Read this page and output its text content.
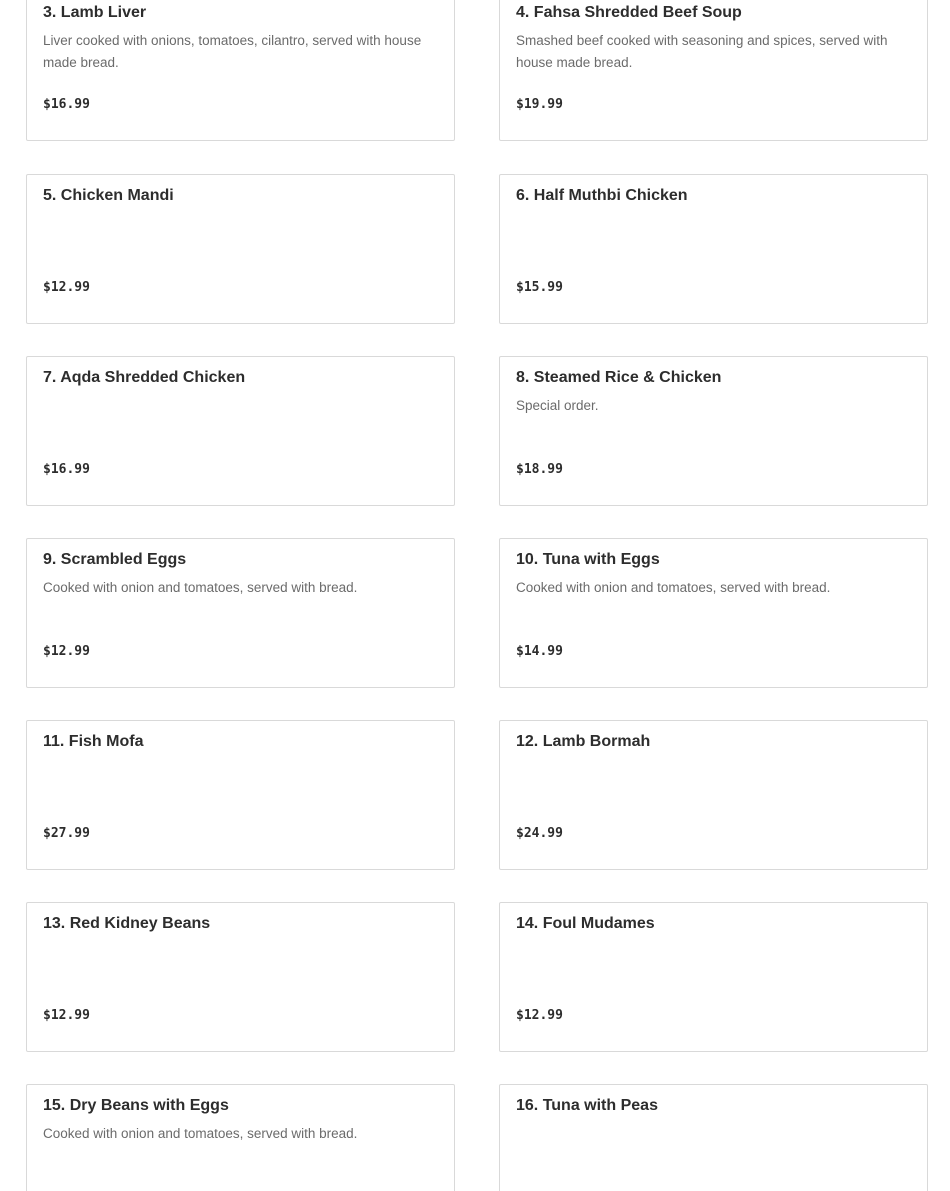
3. Lamb Liver
Liver cooked with onions, tomatoes, cilantro, served with house made bread.
$16.99
4. Fahsa Shredded Beef Soup
Smashed beef cooked with seasoning and spices, served with house made bread.
$19.99
5. Chicken Mandi
$12.99
6. Half Muthbi Chicken
$15.99
7. Aqda Shredded Chicken
$16.99
8. Steamed Rice & Chicken
Special order.
$18.99
9. Scrambled Eggs
Cooked with onion and tomatoes, served with bread.
$12.99
10. Tuna with Eggs
Cooked with onion and tomatoes, served with bread.
$14.99
11. Fish Mofa
$27.99
12. Lamb Bormah
$24.99
13. Red Kidney Beans
$12.99
14. Foul Mudames
$12.99
15. Dry Beans with Eggs
Cooked with onion and tomatoes, served with bread.
16. Tuna with Peas
